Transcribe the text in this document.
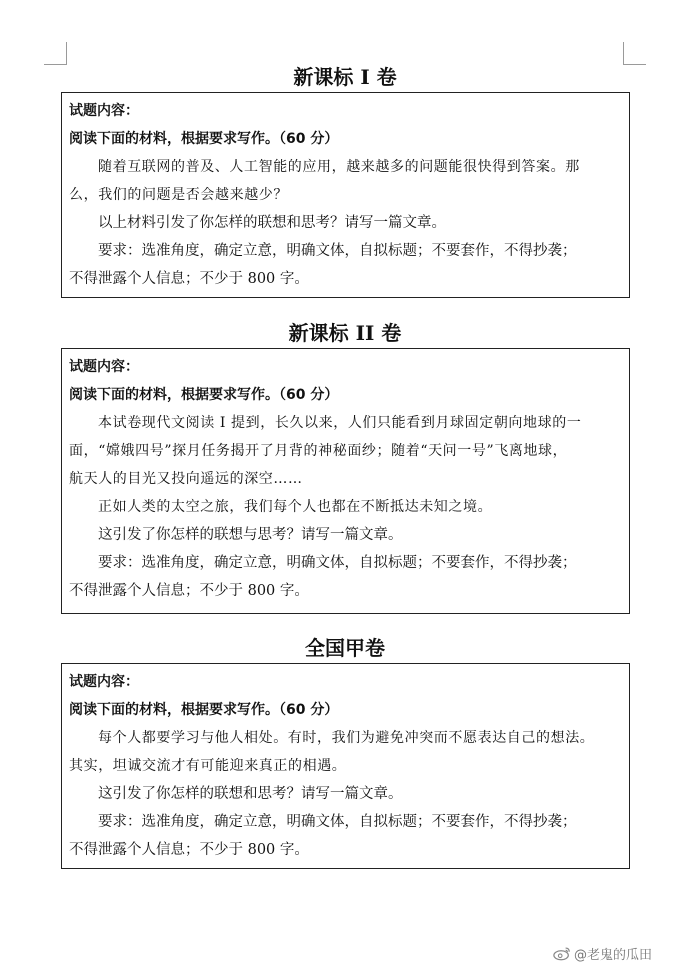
新课标 I 卷
试题内容：
阅读下面的材料，根据要求写作。（60 分）
随着互联网的普及、人工智能的应用，越来越多的问题能很快得到答案。那
么，我们的问题是否会越来越少？
以上材料引发了你怎样的联想和思考？请写一篇文章。
要求：选准角度，确定立意，明确文体，自拟标题；不要套作，不得抄袭；
不得泄露个人信息；不少于 800 字。
新课标 II 卷
试题内容：
阅读下面的材料，根据要求写作。（60 分）
本试卷现代文阅读 I 提到，长久以来，人们只能看到月球固定朝向地球的一
面，“嫦娥四号”探月任务揭开了月背的神秘面纱；随着“天问一号”飞离地球，
航天人的目光又投向遥远的深空……
正如人类的太空之旅，我们每个人也都在不断抵达未知之境。
这引发了你怎样的联想与思考？请写一篇文章。
要求：选准角度，确定立意，明确文体，自拟标题；不要套作，不得抄袭；
不得泄露个人信息；不少于 800 字。
全国甲卷
试题内容：
阅读下面的材料，根据要求写作。（60 分）
每个人都要学习与他人相处。有时，我们为避免冲突而不愿表达自己的想法。
其实，坦诚交流才有可能迎来真正的相遇。
这引发了你怎样的联想和思考？请写一篇文章。
要求：选准角度，确定立意，明确文体，自拟标题；不要套作，不得抄袭；
不得泄露个人信息；不少于 800 字。
@老鬼的瓜田
